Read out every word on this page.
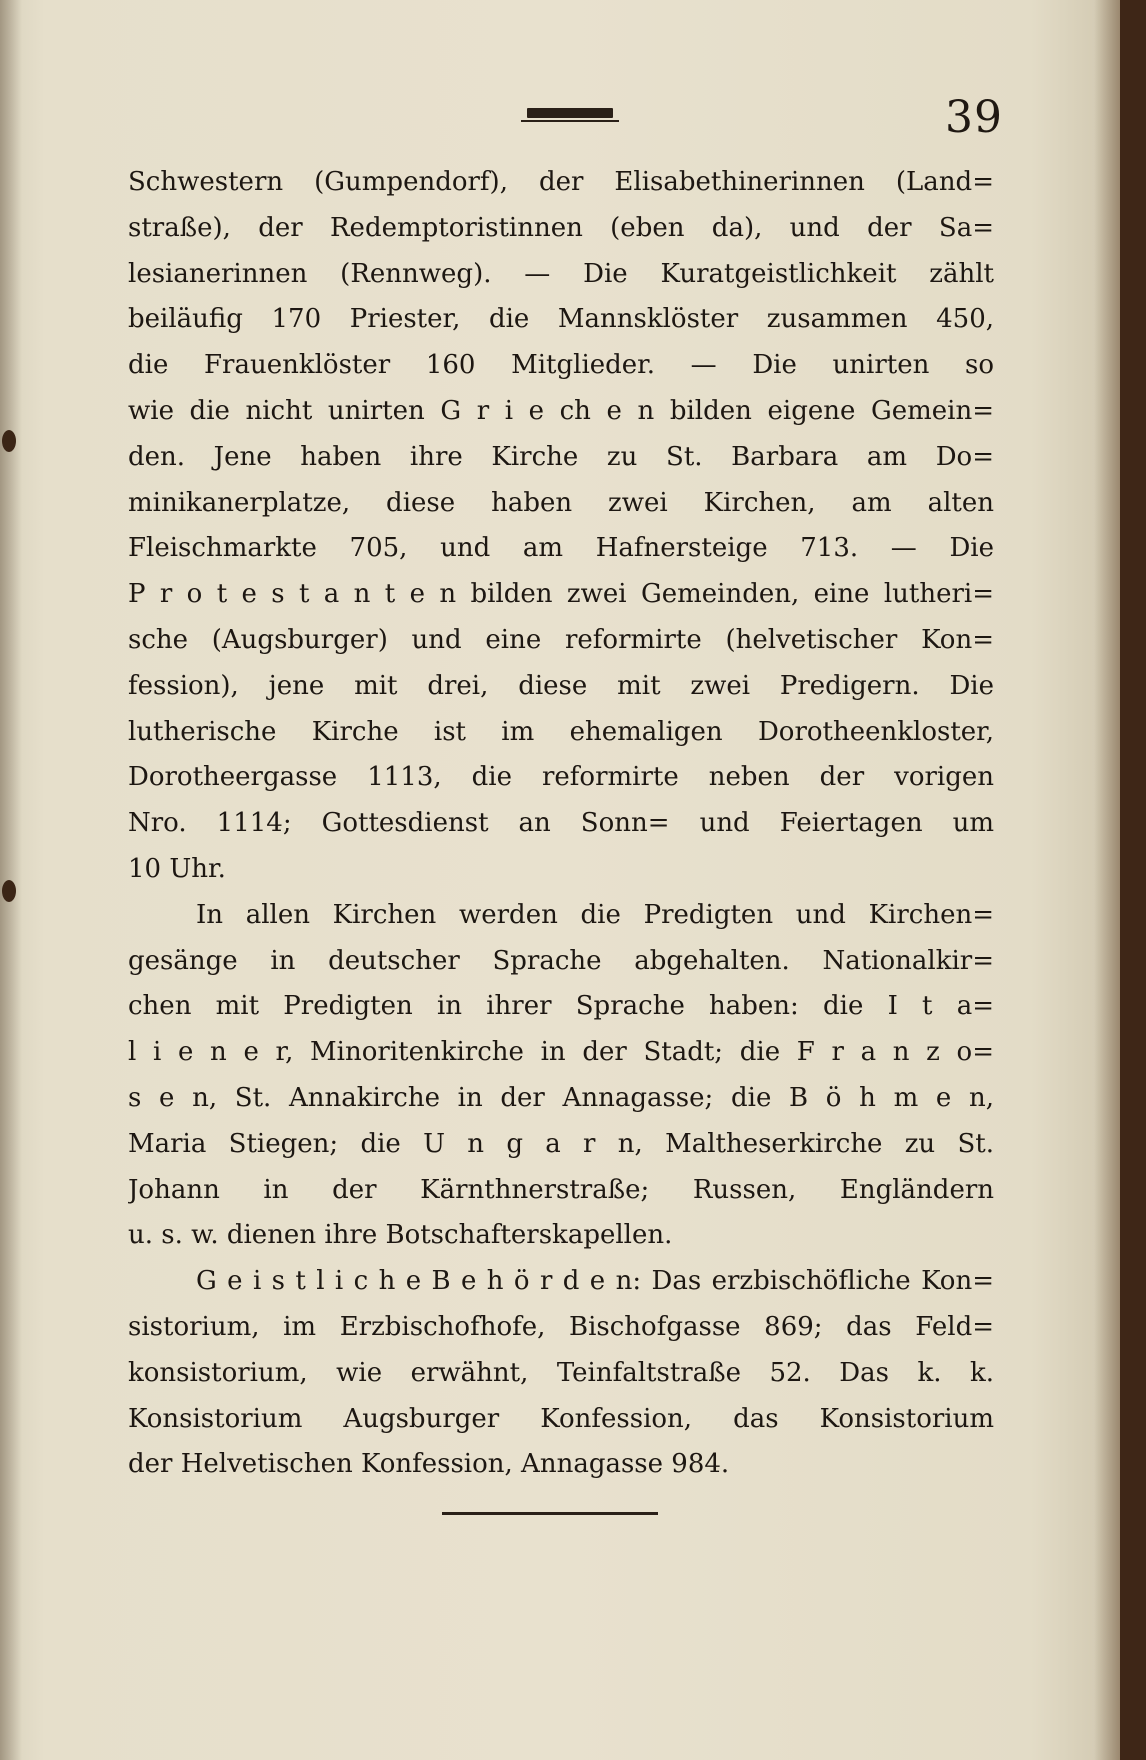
39
Schwestern (Gumpendorf), der Elisabethinerinnen (Land=
straße), der Redemptoristinnen (eben da), und der Sa=
lesianerinnen (Rennweg). — Die Kuratgeistlichkeit zählt
beiläufig 170 Priester, die Mannsklöster zusammen 450,
die Frauenklöster 160 Mitglieder. — Die unirten so
wie die nicht unirten G r i e ch e n bilden eigene Gemein=
den. Jene haben ihre Kirche zu St. Barbara am Do=
minikanerplatze, diese haben zwei Kirchen, am alten
Fleischmarkte 705, und am Hafnersteige 713. — Die
P r o t e s t a n t e n bilden zwei Gemeinden, eine lutheri=
sche (Augsburger) und eine reformirte (helvetischer Kon=
fession), jene mit drei, diese mit zwei Predigern. Die
lutherische Kirche ist im ehemaligen Dorotheenkloster,
Dorotheergasse 1113, die reformirte neben der vorigen
Nro. 1114; Gottesdienst an Sonn= und Feiertagen um
10 Uhr.
In allen Kirchen werden die Predigten und Kirchen=
gesänge in deutscher Sprache abgehalten. Nationalkir=
chen mit Predigten in ihrer Sprache haben: die I t a=
l i e n e r, Minoritenkirche in der Stadt; die F r a n z o=
s e n, St. Annakirche in der Annagasse; die B ö h m e n,
Maria Stiegen; die U n g a r n, Maltheserkirche zu St.
Johann in der Kärnthnerstraße; Russen, Engländern
u. s. w. dienen ihre Botschafterskapellen.
G e i s t l i c h e B e h ö r d e n: Das erzbischöfliche Kon=
sistorium, im Erzbischofhofe, Bischofgasse 869; das Feld=
konsistorium, wie erwähnt, Teinfaltstraße 52. Das k. k.
Konsistorium Augsburger Konfession, das Konsistorium
der Helvetischen Konfession, Annagasse 984.
